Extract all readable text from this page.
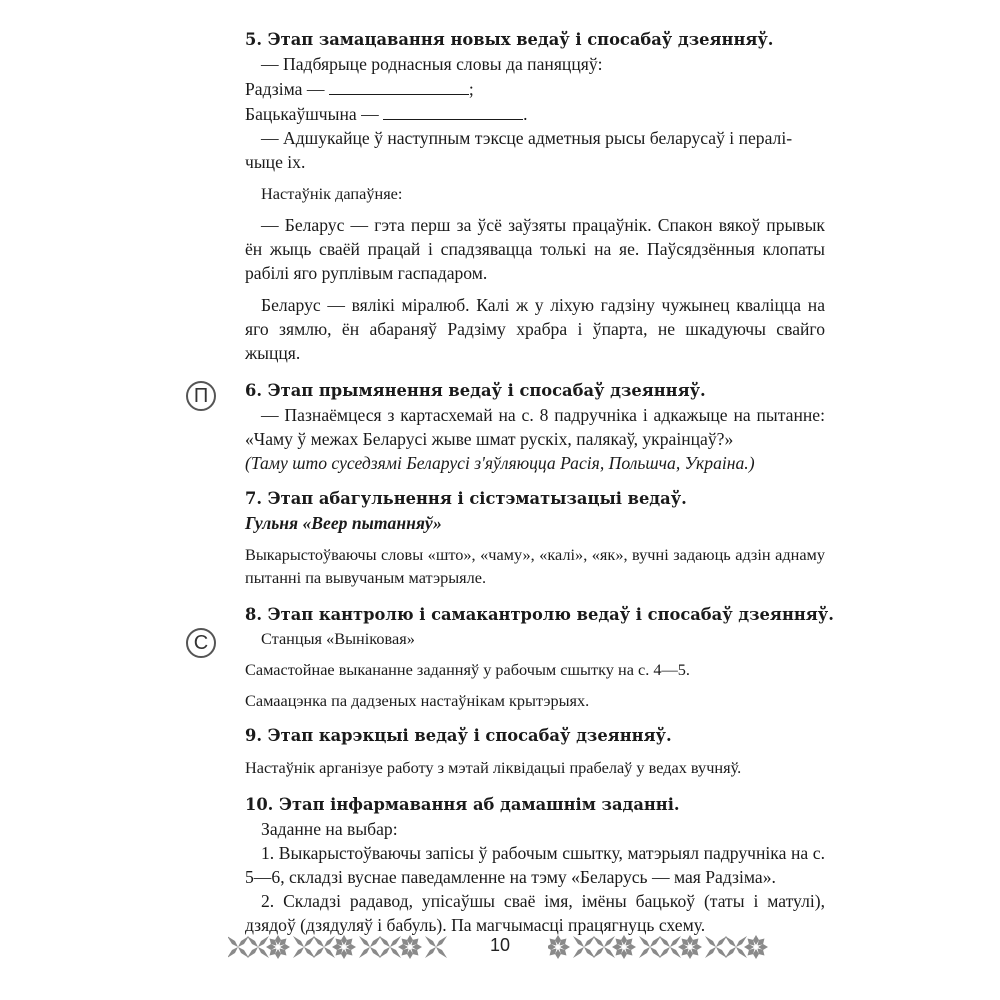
П
С
5. Этап замацавання новых ведаў і спосабаў дзеянняў.

— Падбярыце роднасныя словы да паняццяў:

Радзіма —	;

Бацькаўшчына —	.

— Адшукайце ў наступным тэксце адметныя рысы беларусаў і пералі-

чыце іх.

Настаўнік дапаўняе:

— Беларус — гэта перш за ўсё заўзяты працаўнік. Спакон вякоў прывык ён жыць сваёй працай і спадзявацца толькі на яе. Паўсядзённыя клопаты рабілі яго руплівым гаспадаром.

Беларус — вялікі міралюб. Калі ж у ліхую гадзіну чужынец кваліцца на яго зямлю, ён абараняў Радзіму храбра і ўпарта, не шкадуючы свайго жыцця.

6. Этап прымянення ведаў і спосабаў дзеянняў.

— Пазнаёмцеся з картасхемай на с. 8 падручніка і адкажыце на пытанне: «Чаму ў межах Беларусі жыве шмат рускіх, палякаў, украінцаў?»

(Таму што суседзямі Беларусі з'яўляюцца Расія, Польшча, Украіна.)

7. Этап абагульнення і сістэматызацыі ведаў.
Гульня «Веер пытанняў»

Выкарыстоўваючы словы «што», «чаму», «калі», «як», вучні задаюць адзін аднаму пытанні па вывучаным матэрыяле.

8. Этап кантролю і самакантролю ведаў і спосабаў дзеянняў.

Станцыя «Выніковая»

Самастойнае выкананне заданняў у рабочым сшытку на с. 4—5.

Самаацэнка па дадзеных настаўнікам крытэрыях.

9. Этап карэкцыі ведаў і спосабаў дзеянняў.

Настаўнік арганізуе работу з мэтай ліквідацыі прабелаў у ведах вучняў.

10. Этап інфармавання аб дамашнім заданні.

Заданне на выбар:

1. Выкарыстоўваючы запісы ў рабочым сшытку, матэрыял падручніка на с. 5—6, складзі вуснае паведамленне на тэму «Беларусь — мая Радзіма».

2. Складзі радавод, упісаўшы сваё імя, імёны бацькоў (таты і матулі), дзядоў (дзядуляў і бабуль). Па магчымасці працягнуць схему.

10
